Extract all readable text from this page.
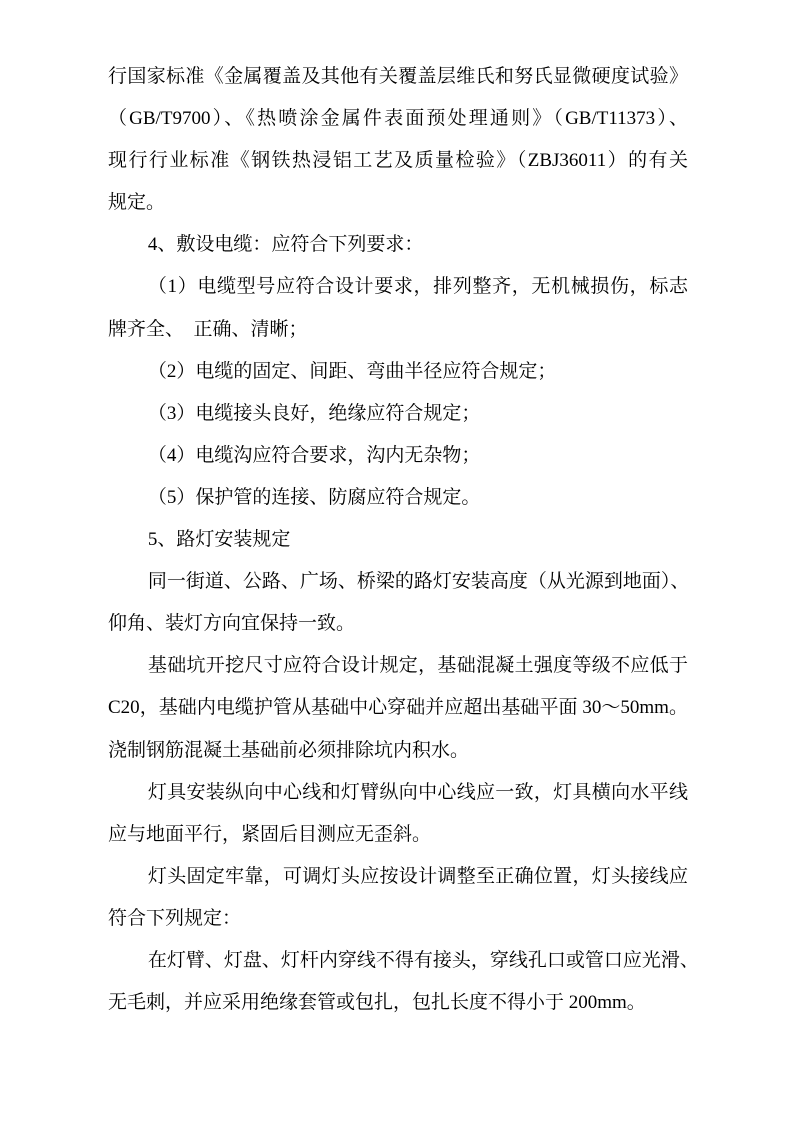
行国家标准《金属覆盖及其他有关覆盖层维氏和努氏显微硬度试验》

（GB/T9700）、《热喷涂金属件表面预处理通则》（GB/T11373）、

现行行业标准《钢铁热浸铝工艺及质量检验》（ZBJ36011）的有关

规定。

4、敷设电缆：应符合下列要求：

（1）电缆型号应符合设计要求，排列整齐，无机械损伤，标志

牌齐全、　正确、清晰；

（2）电缆的固定、间距、弯曲半径应符合规定；

（3）电缆接头良好，绝缘应符合规定；

（4）电缆沟应符合要求，沟内无杂物；

（5）保护管的连接、防腐应符合规定。

5、路灯安装规定

同一街道、公路、广场、桥梁的路灯安装高度（从光源到地面）、

仰角、装灯方向宜保持一致。

基础坑开挖尺寸应符合设计规定，基础混凝土强度等级不应低于

C20，基础内电缆护管从基础中心穿础并应超出基础平面 30～50mm。

浇制钢筋混凝土基础前必须排除坑内积水。

灯具安装纵向中心线和灯臂纵向中心线应一致，灯具横向水平线

应与地面平行，紧固后目测应无歪斜。

灯头固定牢靠，可调灯头应按设计调整至正确位置，灯头接线应

符合下列规定：

在灯臂、灯盘、灯杆内穿线不得有接头，穿线孔口或管口应光滑、

无毛刺，并应采用绝缘套管或包扎，包扎长度不得小于 200mm。
